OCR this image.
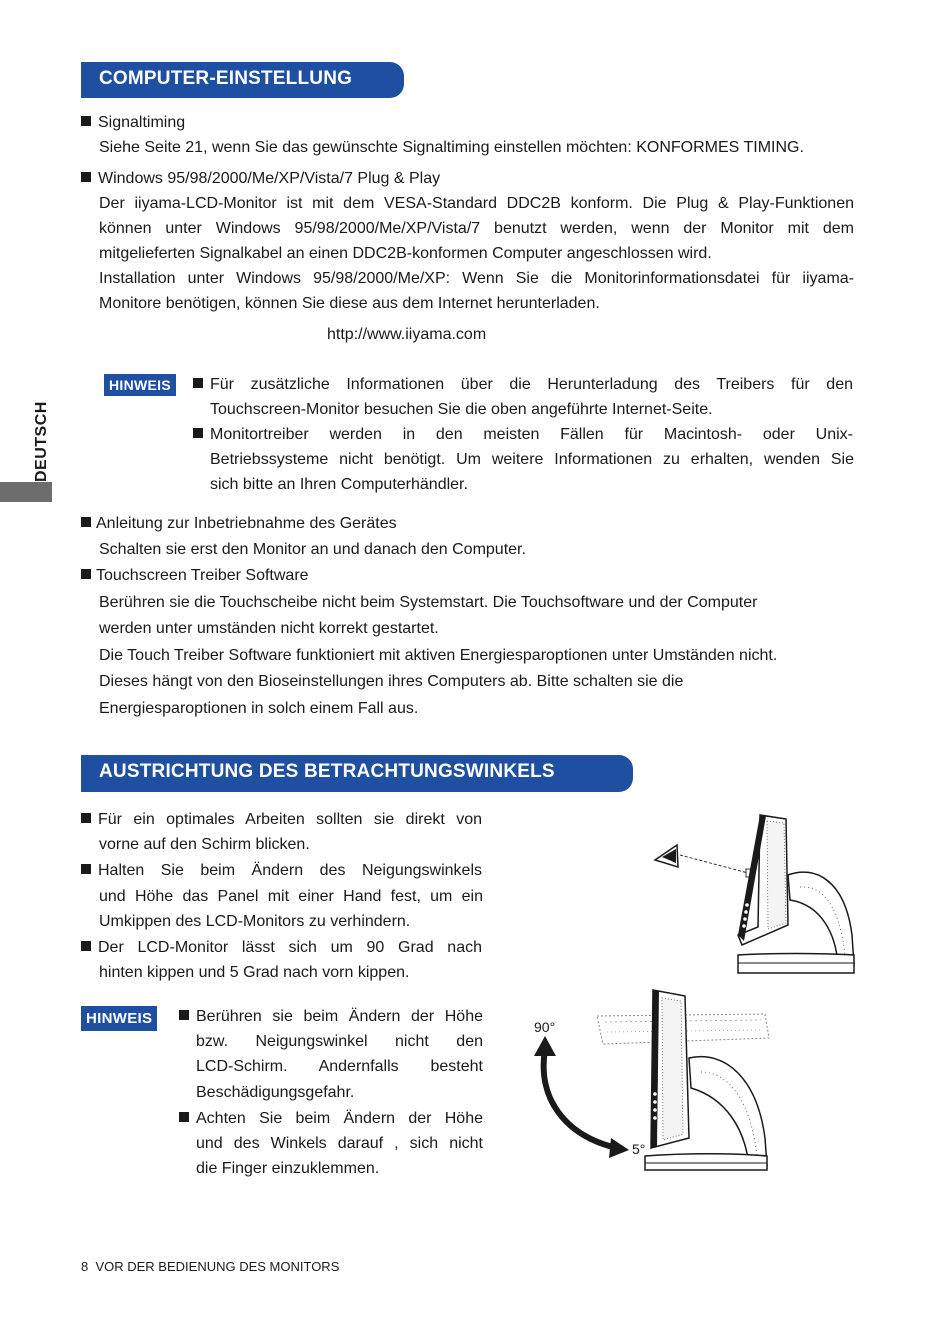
DEUTSCH
COMPUTER-EINSTELLUNG
Signaltiming
Siehe Seite 21, wenn Sie das gewünschte Signaltiming einstellen möchten: KONFORMES TIMING.
Windows 95/98/2000/Me/XP/Vista/7 Plug & Play
Der iiyama-LCD-Monitor ist mit dem VESA-Standard DDC2B konform. Die Plug & Play-Funktionen
können unter Windows 95/98/2000/Me/XP/Vista/7 benutzt werden, wenn der Monitor mit dem
mitgelieferten Signalkabel an einen DDC2B-konformen Computer angeschlossen wird.
Installation unter Windows 95/98/2000/Me/XP: Wenn Sie die Monitorinformationsdatei für iiyama-
Monitore benötigen, können Sie diese aus dem Internet herunterladen.
http://www.iiyama.com
HINWEIS	Für zusätzliche Informationen über die Herunterladung des Treibers für den
Touchscreen-Monitor besuchen Sie die oben angeführte Internet-Seite.
Monitortreiber werden in den meisten Fällen für Macintosh- oder Unix-
Betriebssysteme nicht benötigt. Um weitere Informationen zu erhalten, wenden Sie
sich bitte an Ihren Computerhändler.
Anleitung zur Inbetriebnahme des Gerätes
Schalten sie erst den Monitor an und danach den Computer.
Touchscreen Treiber Software
Berühren sie die Touchscheibe nicht beim Systemstart. Die Touchsoftware und der Computer
werden unter umständen nicht korrekt gestartet.
Die Touch Treiber Software funktioniert mit aktiven Energiesparoptionen unter Umständen nicht.
Dieses hängt von den Bioseinstellungen ihres Computers ab. Bitte schalten sie die
Energiesparoptionen in solch einem Fall aus.
AUSTRICHTUNG DES BETRACHTUNGSWINKELS
Für ein optimales Arbeiten sollten sie direkt von
vorne auf den Schirm blicken.
Halten Sie beim Ändern des Neigungswinkels
und Höhe das Panel mit einer Hand fest, um ein
Umkippen des LCD-Monitors zu verhindern.
Der LCD-Monitor lässt sich um 90 Grad nach
hinten kippen und 5 Grad nach vorn kippen.
HINWEIS	Berühren sie beim Ändern der Höhe
bzw. Neigungswinkel nicht den
LCD-Schirm. Andernfalls besteht
Beschädigungsgefahr.
Achten Sie beim Ändern der Höhe
und des Winkels darauf , sich nicht
die Finger einzuklemmen.
90°
5°
8 VOR DER BEDIENUNG DES MONITORS
